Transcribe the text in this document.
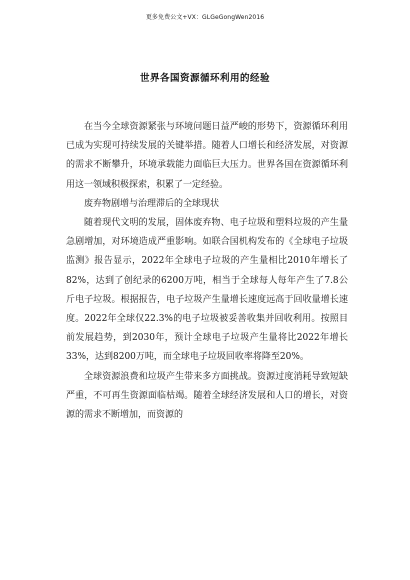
更多免费公文+VX：GLGeGongWen2016
世界各国资源循环利用的经验

在当今全球资源紧张与环境问题日益严峻的形势下，资源循环利用已成为实现可持续发展的关键举措。随着人口增长和经济发展，对资源的需求不断攀升，环境承载能力面临巨大压力。世界各国在资源循环利用这一领域积极探索，积累了一定经验。

废弃物剧增与治理滞后的全球现状

随着现代文明的发展，固体废弃物、电子垃圾和塑料垃圾的产生量急剧增加，对环境造成严重影响。如联合国机构发布的《全球电子垃圾监测》报告显示，2022年全球电子垃圾的产生量相比2010年增长了82%，达到了创纪录的6200万吨，相当于全球每人每年产生了7.8公斤电子垃圾。根据报告，电子垃圾产生量增长速度远高于回收量增长速度。2022年全球仅22.3%的电子垃圾被妥善收集并回收利用。按照目前发展趋势，到2030年，预计全球电子垃圾产生量将比2022年增长33%，达到8200万吨，而全球电子垃圾回收率将降至20%。

全球资源浪费和垃圾产生带来多方面挑战。资源过度消耗导致短缺严重，不可再生资源面临枯竭。随着全球经济发展和人口的增长，对资源的需求不断增加，而资源的
